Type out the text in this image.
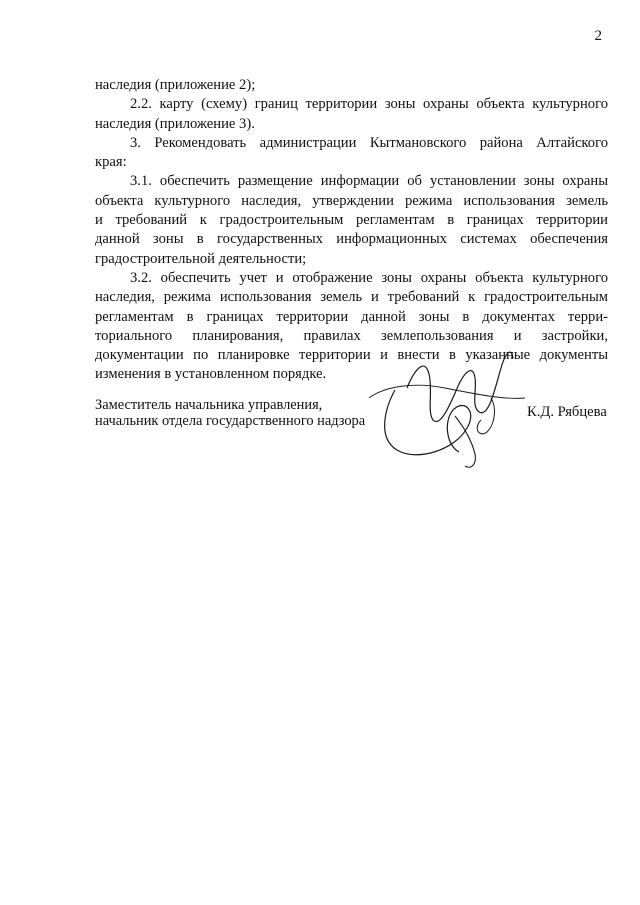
2
наследия (приложение 2);
2.2. карту (схему) границ территории зоны охраны объекта культурного
наследия (приложение 3).
3. Рекомендовать администрации Кытмановского района Алтайского
края:
3.1. обеспечить размещение информации об установлении зоны охраны
объекта культурного наследия, утверждении режима использования земель
и требований к градостроительным регламентам в границах территории
данной зоны в государственных информационных системах обеспечения
градостроительной деятельности;
3.2. обеспечить учет и отображение зоны охраны объекта культурного
наследия, режима использования земель и требований к градостроительным
регламентам в границах территории данной зоны в документах терри-
ториального планирования, правилах землепользования и застройки,
документации по планировке территории и внести в указанные документы
изменения в установленном порядке.
Заместитель начальника управления,
начальник отдела государственного надзора
К.Д. Рябцева
